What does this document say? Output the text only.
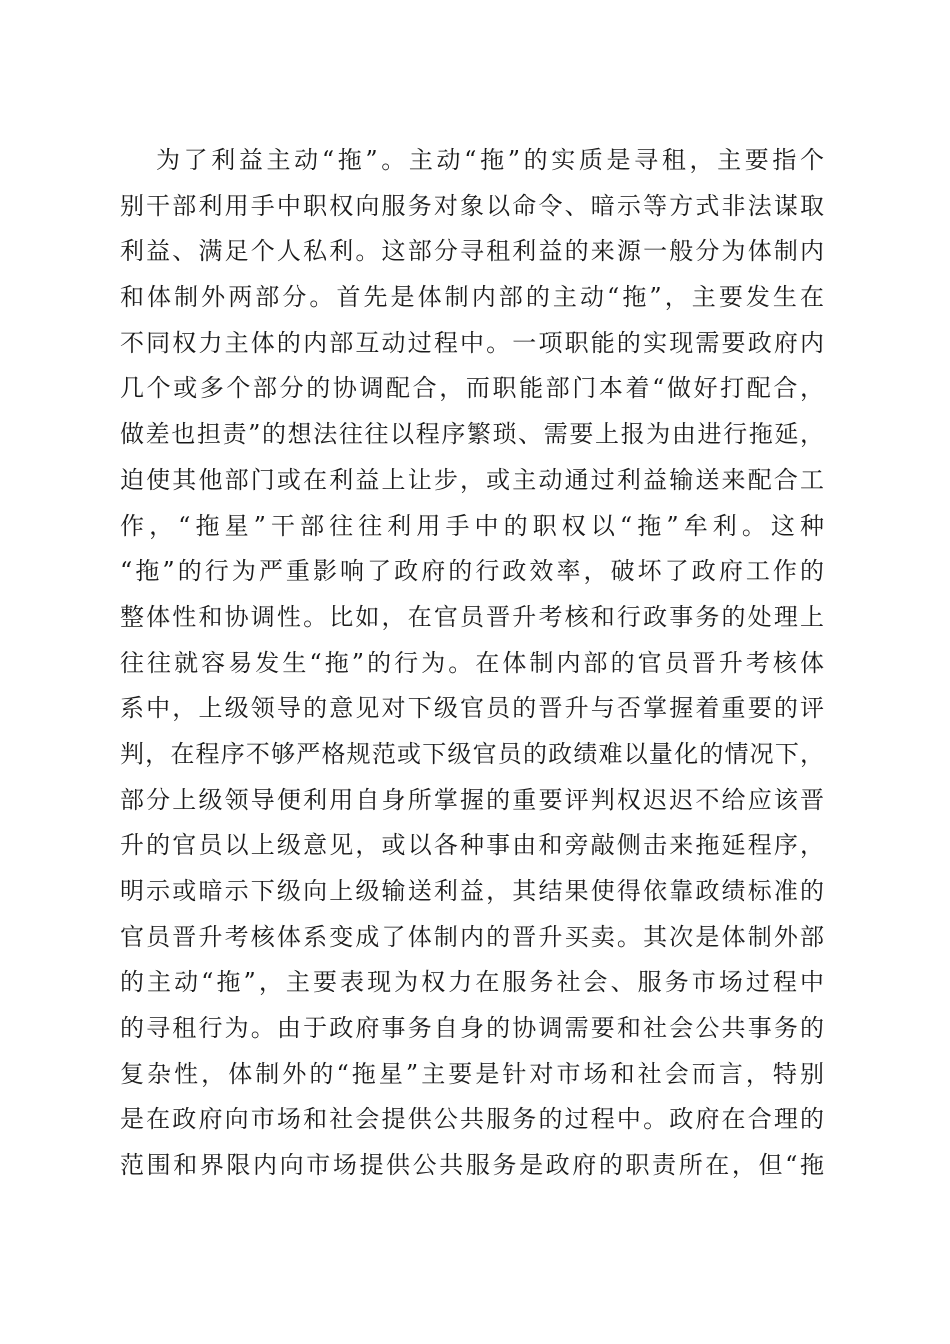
为了利益主动“拖”。主动“拖”的实质是寻租，主要指个
别干部利用手中职权向服务对象以命令、暗示等方式非法谋取
利益、满足个人私利。这部分寻租利益的来源一般分为体制内
和体制外两部分。首先是体制内部的主动“拖”，主要发生在
不同权力主体的内部互动过程中。一项职能的实现需要政府内
几个或多个部分的协调配合，而职能部门本着“做好打配合，
做差也担责”的想法往往以程序繁琐、需要上报为由进行拖延，
迫使其他部门或在利益上让步，或主动通过利益输送来配合工
作，“拖星”干部往往利用手中的职权以“拖”牟利。这种
“拖”的行为严重影响了政府的行政效率，破坏了政府工作的
整体性和协调性。比如，在官员晋升考核和行政事务的处理上
往往就容易发生“拖”的行为。在体制内部的官员晋升考核体
系中，上级领导的意见对下级官员的晋升与否掌握着重要的评
判，在程序不够严格规范或下级官员的政绩难以量化的情况下，
部分上级领导便利用自身所掌握的重要评判权迟迟不给应该晋
升的官员以上级意见，或以各种事由和旁敲侧击来拖延程序，
明示或暗示下级向上级输送利益，其结果使得依靠政绩标准的
官员晋升考核体系变成了体制内的晋升买卖。其次是体制外部
的主动“拖”，主要表现为权力在服务社会、服务市场过程中
的寻租行为。由于政府事务自身的协调需要和社会公共事务的
复杂性，体制外的“拖星”主要是针对市场和社会而言，特别
是在政府向市场和社会提供公共服务的过程中。政府在合理的
范围和界限内向市场提供公共服务是政府的职责所在，但“拖
